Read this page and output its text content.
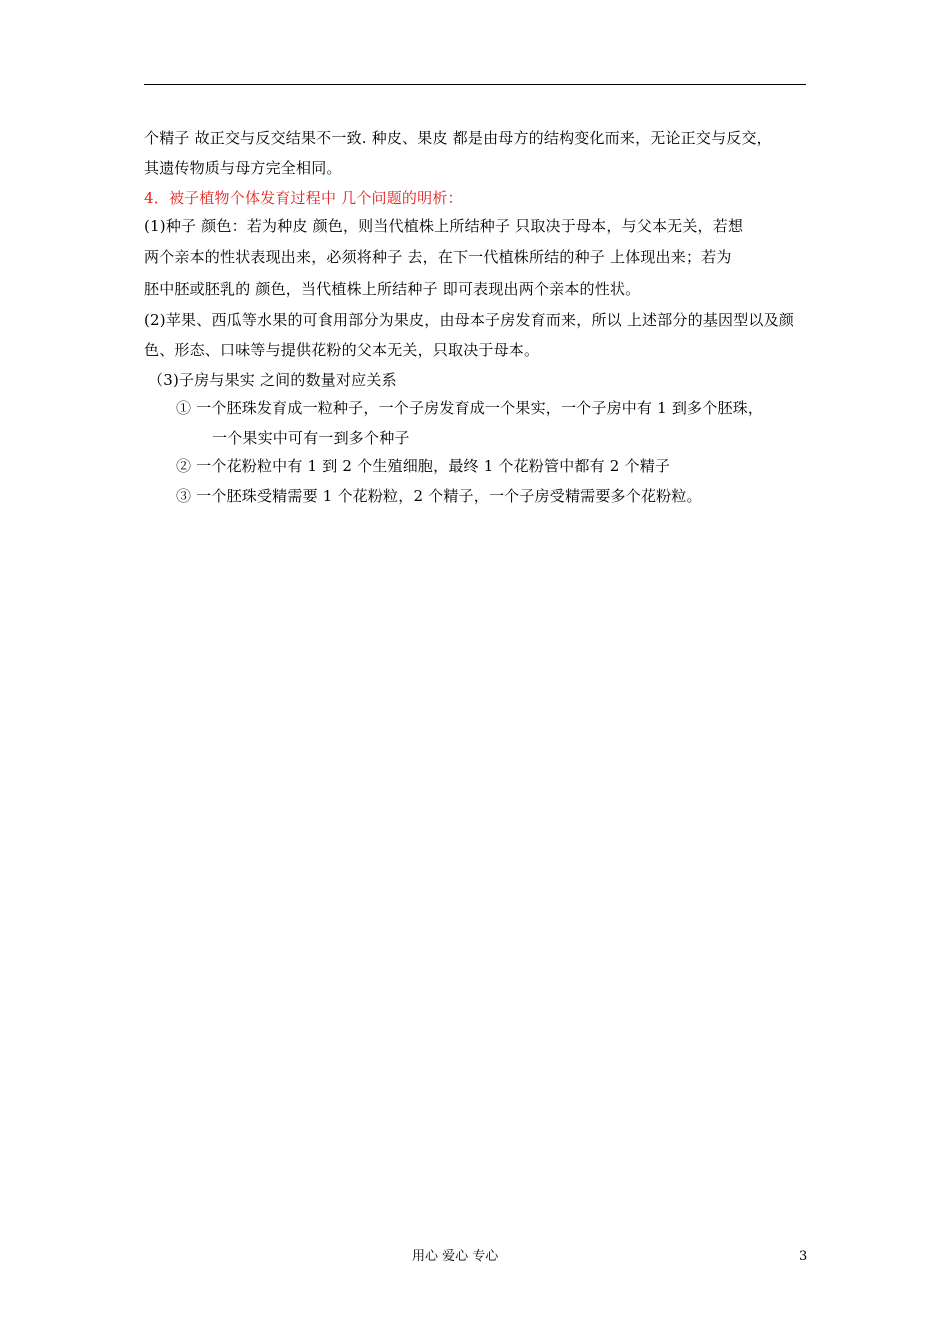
个精子 故正交与反交结果不一致. 种皮、果皮 都是由母方的结构变化而来，无论正交与反交，
其遗传物质与母方完全相同。
4．被子植物个体发育过程中 几个问题的明析：
(1)种子 颜色：若为种皮 颜色，则当代植株上所结种子 只取决于母本，与父本无关，若想
两个亲本的性状表现出来，必须将种子 去，在下一代植株所结的种子 上体现出来；若为
胚中胚或胚乳的 颜色，当代植株上所结种子 即可表现出两个亲本的性状。
(2)苹果、西瓜等水果的可食用部分为果皮，由母本子房发育而来，所以 上述部分的基因型以及颜
色、形态、口味等与提供花粉的父本无关，只取决于母本。
（3)子房与果实 之间的数量对应关系
① 一个胚珠发育成一粒种子，一个子房发育成一个果实，一个子房中有 1 到多个胚珠，
一个果实中可有一到多个种子
② 一个花粉粒中有 1 到 2 个生殖细胞，最终 1 个花粉管中都有 2 个精子
③ 一个胚珠受精需要 1 个花粉粒，2 个精子，一个子房受精需要多个花粉粒。
用心 爱心 专心	3
